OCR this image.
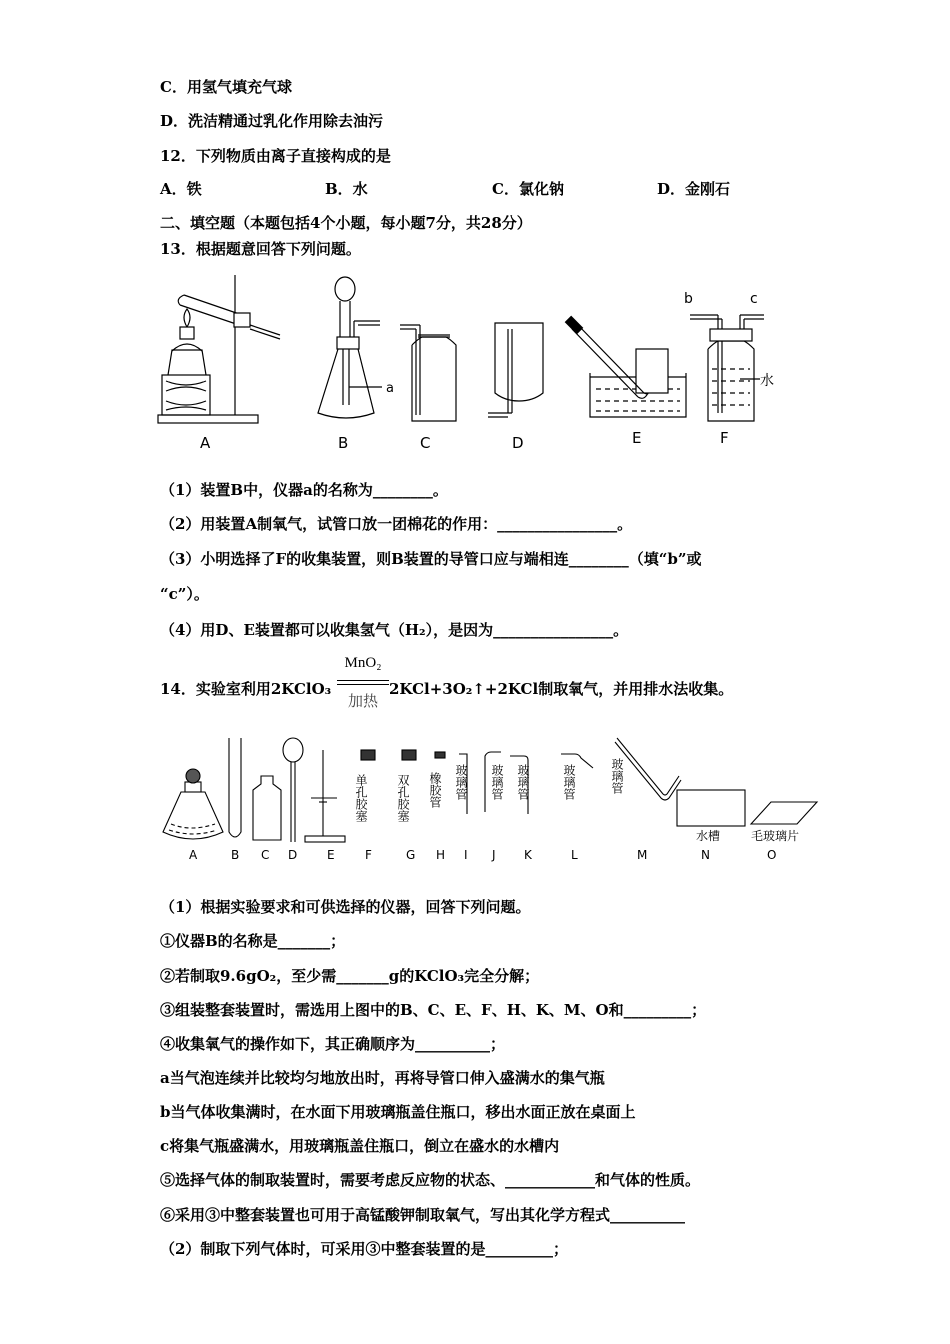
C．用氢气填充气球
D．洗洁精通过乳化作用除去油污
12．下列物质由离子直接构成的是
A．铁	B．水	C．氯化钠	D．金刚石
二、填空题（本题包括4个小题，每小题7分，共28分）
13．根据题意回答下列问题。
a
b	c
水
A	B	C	D	E	F
（1）装置B中，仪器a的名称为________。
（2）用装置A制氧气，试管口放一团棉花的作用：________________。
（3）小明选择了F的收集装置，则B装置的导管口应与端相连________（填“b”或
“c”）。
（4）用D、E装置都可以收集氢气（H₂），是因为________________。
14．实验室利用2KClO₃
MnO₂
加热
2KCl+3O₂↑+2KCl制取氧气，并用排水法收集。
单孔胶塞 双孔胶塞 橡胶管 玻璃管 玻璃管 玻璃管	玻璃管	玻璃管
水槽	毛玻璃片
A	B C D E	F	G H I J K	L	M	N	O
（1）根据实验要求和可供选择的仪器，回答下列问题。
①仪器B的名称是_______；
②若制取9.6gO₂，至少需_______g的KClO₃完全分解；
③组装整套装置时，需选用上图中的B、C、E、F、H、K、M、O和_________；
④收集氧气的操作如下，其正确顺序为__________；
a当气泡连续并比较均匀地放出时，再将导管口伸入盛满水的集气瓶
b当气体收集满时，在水面下用玻璃瓶盖住瓶口，移出水面正放在桌面上
c将集气瓶盛满水，用玻璃瓶盖住瓶口，倒立在盛水的水槽内
⑤选择气体的制取装置时，需要考虑反应物的状态、____________和气体的性质。
⑥采用③中整套装置也可用于高锰酸钾制取氧气，写出其化学方程式__________
（2）制取下列气体时，可采用③中整套装置的是_________；
